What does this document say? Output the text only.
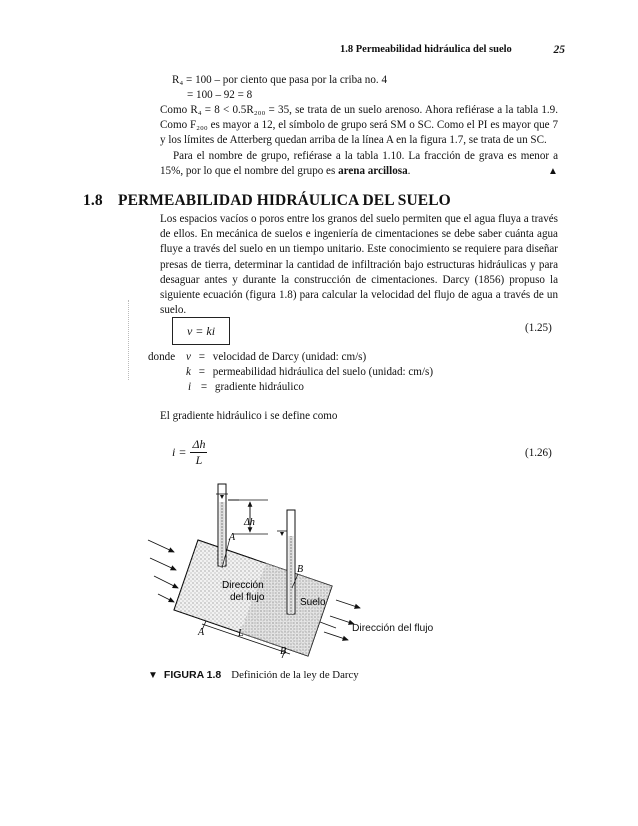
1.8 Permeabilidad hidráulica del suelo	25
R₄ = 100 – por ciento que pasa por la criba no. 4
= 100 – 92 = 8
Como R₄ = 8 < 0.5R₂₀₀ = 35, se trata de un suelo arenoso. Ahora refiérase a la tabla 1.9. Como F₂₀₀ es mayor a 12, el símbolo de grupo será SM o SC. Como el PI es mayor que 7 y los límites de Atterberg quedan arriba de la línea A en la figura 1.7, se trata de un SC.
Para el nombre de grupo, refiérase a la tabla 1.10. La fracción de grava es menor a 15%, por lo que el nombre del grupo es arena arcillosa.	▲
1.8 PERMEABILIDAD HIDRÁULICA DEL SUELO
Los espacios vacíos o poros entre los granos del suelo permiten que el agua fluya a través de ellos. En mecánica de suelos e ingeniería de cimentaciones se debe saber cuánta agua fluye a través del suelo en un tiempo unitario. Este conocimiento se requiere para diseñar presas de tierra, determinar la cantidad de infiltración bajo estructuras hidráulicas y para desaguar antes y durante la construcción de cimentaciones. Darcy (1856) propuso la siguiente ecuación (figura 1.8) para calcular la velocidad del flujo de agua a través de un suelo.
v = ki	(1.25)
donde v = velocidad de Darcy (unidad: cm/s)
k = permeabilidad hidráulica del suelo (unidad: cm/s)
i = gradiente hidráulico
El gradiente hidráulico i se define como
$i = \frac{\Delta h}{L}$	(1.26)
Δh
A
B
Dirección
del flujo	Suelo
A	L
B
Dirección del flujo
▼ FIGURA 1.8 Definición de la ley de Darcy
